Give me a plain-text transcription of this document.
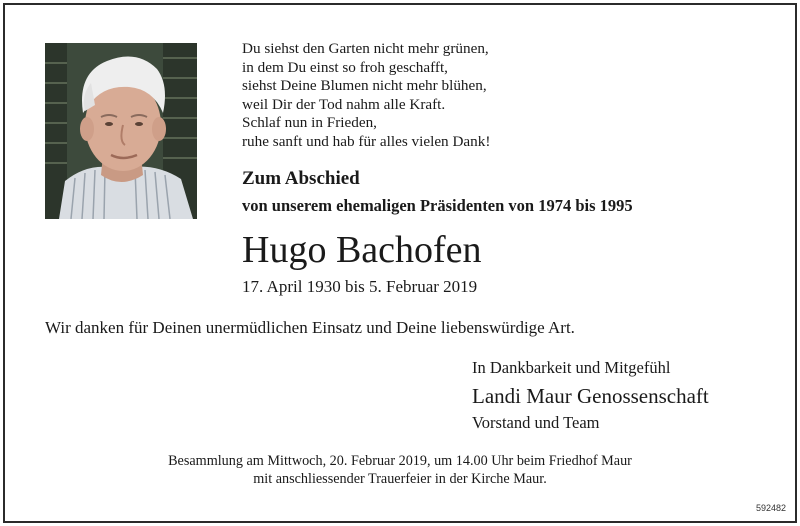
Du siehst den Garten nicht mehr grünen,
in dem Du einst so froh geschafft,
siehst Deine Blumen nicht mehr blühen,
weil Dir der Tod nahm alle Kraft.
Schlaf nun in Frieden,
ruhe sanft und hab für alles vielen Dank!
Zum Abschied
von unserem ehemaligen Präsidenten von 1974 bis 1995
Hugo Bachofen
17. April 1930 bis 5. Februar 2019
Wir danken für Deinen unermüdlichen Einsatz und Deine liebenswürdige Art.
In Dankbarkeit und Mitgefühl
Landi Maur Genossenschaft
Vorstand und Team
Besammlung am Mittwoch, 20. Februar 2019, um 14.00 Uhr beim Friedhof Maur
mit anschliessender Trauerfeier in der Kirche Maur.
592482
